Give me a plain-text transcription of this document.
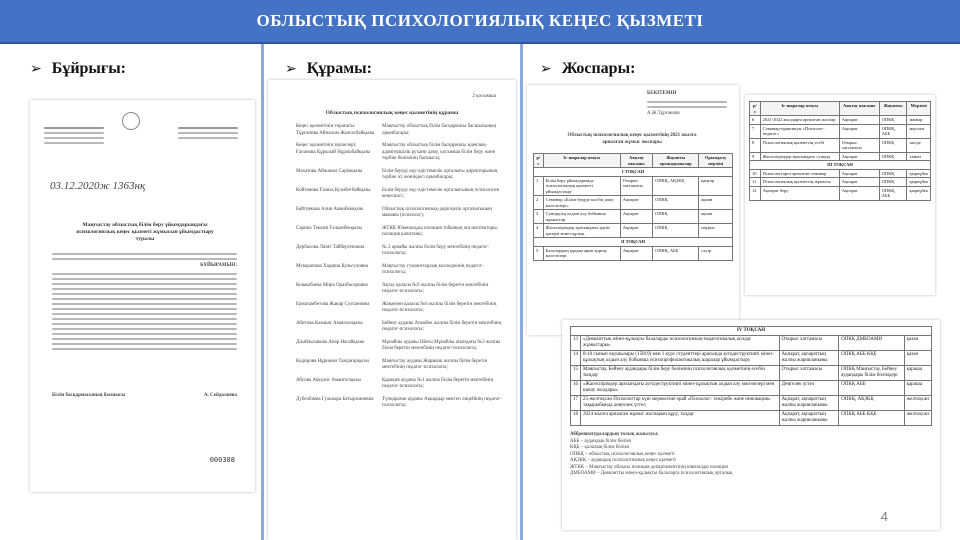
ОБЛЫСТЫҚ ПСИХОЛОГИЯЛЫҚ КЕҢЕС ҚЫЗМЕТІ
➢ Бұйрығы:	➢ Құрамы:	➢ Жоспары:
03.12.2020ж 1363нқ
Маңғыстау облыстық білім беру ұйымдарындағы психологиялық кеңес қызметі жұмысын ұйымдастыру туралы
БҰЙЫРАМЫН:
Білім басқармасының басшысы	А. Сейдалиева
000308
2 қосымша
Облыстық психологиялық кеңес қызметінің құрамы
Кеңес қызметінің төрағасы: Тұрғанова Айназым Жалғасбайқызы
Маңғыстау облыстық білім басқармасы басшысының орынбасары;
Кеңес қызметінің мүшелері: Ғапанова Құрылай Нұрлыбайқызы
Маңғыстау облыстық білім басқармасы идеялық-адамгершілік рухани даму, қосымша білім беру және тәрбие бөлімінің басшысы;
Махатова Айжамал Сәрімқызы	Білім беруді оқу-әдістемелік орталығы директорының тәрбие ісі жөніндегі орынбасары;
Койтанова Ғазиза Кузибетбайқызы	Білім беруді оқу-әдістемелік орталығының психология кеңесшісі;
Байтуякова Алия Аманбекқызы	Облыстық психологиялық-дәрігерлік орталығының маманы (психолог);
Сарина Теккин Ғалымбекқызы	ЖТКК Ювенальды полиция тобының аға инспекторы, полиция капитаны;
Дербасова Лязат Тайбергеновна	№ 2 арнайы жалпы білім беру мектебінің педагог-психологы;
Мукарапова Хадиша Кульгуловна	Маңғыстау гуманитарлық колледжінің педагог-психологы;
Кошкобаева Мира Оразбасаровна	Ақтау қаласы №9 жалпы білім беретін мектебінің педагог-психологы;
Ермагамбетова Жанар Султановна	Жаңаөзен қаласы №6 жалпы білім беретін мектебінің педагог-психологы;
Абитова Камшат Аманзолқызы	Бейнеу ауданы Атамбек жалпы білім беретін мектебінің педагог-психологы;
Джайлызакова Анар Нагайқызы	Мұнайлы ауданы Шоғы Мұнайлы атындағы №3 жалпы білім беретін мектебінің педагог-психологы;
Кадирова Нұрижан Тандағарқызы	Маңғыстау ауданы Жармыш жалпы білім беретін мектебінің педагог-психологы;
Абуова Ақкүміс Амангосқызы	Қарақия ауданы №1 жалпы білім беретін мектебінің педагог-психологы;
Дубелбаева Гульнара Батыржановна	Түпқараған ауданы Ақшұқыр мектеп лицейінің педагог-психологы;
БЕКІТЕМІН
А.Ж.Тұрғанова
Облыстық психологиялық кеңес қызметінің 2021 жылға арналған жұмыс жоспары
р/с	Іс-шаралар атауы	Аяқтау нысаны	Жауапты орындаушылар	Орындалу мерзімі
І ТОҚСАН				
1	Білім беру ұйымдарында психологиялық қызметті ұйымдастыру	Отырыс хаттамасы	ОПКҚ, АҚЗКҚ	қаңтар
2	Семинар «Білім беруде кәсіби даму мәселелері»	Ақпарат	ОПКҚ	ақпан
3	Суицидтің алдын алу бойынша жұмыстар	Ақпарат	ОПКҚ	ақпан
4	Жасөспірімдер арасындағы қауіп-қатерлі мінез-құлық	Ақпарат	ОПКҚ	наурыз
ІІ ТОҚСАН				
5	Балалардың құқықтарын қорғау мәселелері	Ақпарат	ОПКҚ, АББ	сәуір
р/с	Іс-шаралар атауы	Аяқтау нысаны	Жауапты	Мерзімі
6	2021-2022 жылдарға арналған жоспар	Ақпарат	ОПКҚ	мамыр
7	Семинар-практикум «Психолог-педагог»	Ақпарат	ОПКҚ, АББ	маусым
8	Психологиялық қызметтің есебі	Отырыс хаттамасы	ОПКҚ	шілде
9	Жасөспірімдер арасындағы суицид	Ақпарат	ОПКҚ	тамыз
ІІІ ТОҚСАН				
10	Психологтарға арналған семинар	Ақпарат	ОПКҚ	қыркүйек
11	Психологиялық қызметтің жұмысы	Ақпарат	ОПКҚ	қыркүйек
12	Ақпарат беру	Ақпарат	ОПКҚ, АББ	қыркүйек
IV ТОҚСАН				
13	«Девианттық мінез-құлықты балаларды психологиялық-педагогикалық қолдау жұмыстары»	Отырыс хаттамасы	ОПКҚ ДМБОАМИ	қазан
14	8-10 сынып оқушылары (15819) мен 1 курс студенттері арасында аутодеструктивті мінез-құлықтың алдын алу бойынша психопрофилактикалық шаралар ұйымдастыру	Ақпарат, ақпараттың жалпы жарияланымы	ОПКҚ АББ КҚБ	қазан
15	Маңғыстау, Бейнеу аудандары білім беру бөлімінің психологиялық қызметінің есебін тыңдау	Отырыс хаттамасы	ОПКҚ Маңғыстау, Бейнеу аудандары білім бөлімдері	қараша
16	«Жасөспірімдер арасындағы аутодеструктивті мінез-құлықтың алдын алу мәселелері мен шешу жолдары»	Дөңгелек үстел	ОПКҚ АББ	қараша
17	25-желтоқсан Психологтар күні мерекесіне орай «Психолог: тәжірибе және инновация» тақырыбында дөңгелек үстел	Ақпарат, ақпараттың жалпы жарияланымы	ОПКҚ, АҚЗКҚ	желтоқсан
18	2024 жылға арналған жұмыс жоспарын құру, талдау	Ақпарат, ақпараттың жалпы жарияланымы	ОПКҚ АББ КҚБ	желтоқсан
Аббревиатуралардың толық жазылуы:
АББ – аудандық білім бөлімі
КҚБ – қалалық білім бөлімі
ОПКҚ – облыстық психологиялық кеңес қызметі
АҚЗКҚ – аудандық психологиялық кеңес қызметі
ЖТКК – Маңғыстау облысы полиция департаментінің ювеналды полиция
ДМБОАМИ – Девиантты мінез-құлықты балаларға психологиялық орталық
4
